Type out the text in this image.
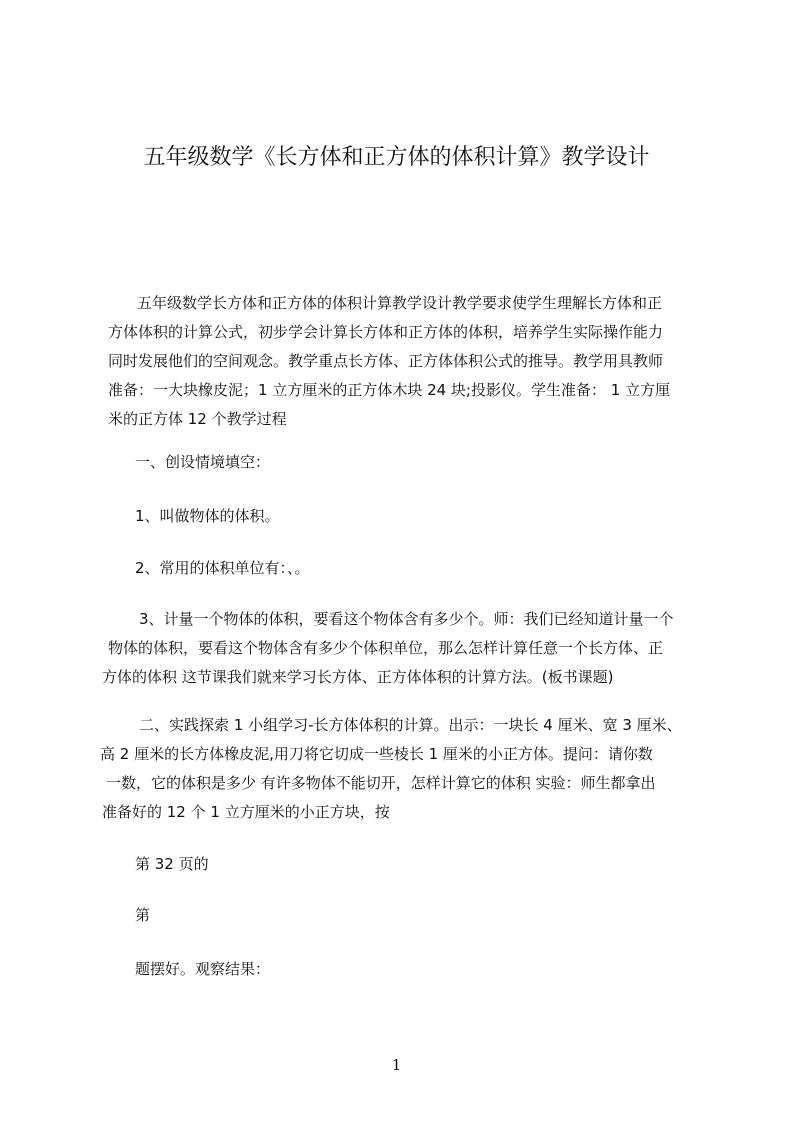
五年级数学《长方体和正方体的体积计算》教学设计
五年级数学长方体和正方体的体积计算教学设计教学要求使学生理解长方体和正
方体体积的计算公式，初步学会计算长方体和正方体的体积，培养学生实际操作能力
同时发展他们的空间观念。教学重点长方体、正方体体积公式的推导。教学用具教师
准备：一大块橡皮泥；1 立方厘米的正方体木块 24 块;投影仪。学生准备： 1 立方厘
米的正方体 12 个教学过程
一、创设情境填空：
1、叫做物体的体积。
2、常用的体积单位有：、。
3、计量一个物体的体积，要看这个物体含有多少个。师：我们已经知道计量一个
物体的体积，要看这个物体含有多少个体积单位，那么怎样计算任意一个长方体、正
方体的体积 这节课我们就来学习长方体、正方体体积的计算方法。(板书课题)
二、实践探索 1 小组学习-长方体体积的计算。出示：一块长 4 厘米、宽 3 厘米、
高 2 厘米的长方体橡皮泥,用刀将它切成一些棱长 1 厘米的小正方体。提问：请你数
一数，它的体积是多少 有许多物体不能切开，怎样计算它的体积 实验：师生都拿出
准备好的 12 个 1 立方厘米的小正方块，按
第 32 页的
第
题摆好。观察结果：
1
